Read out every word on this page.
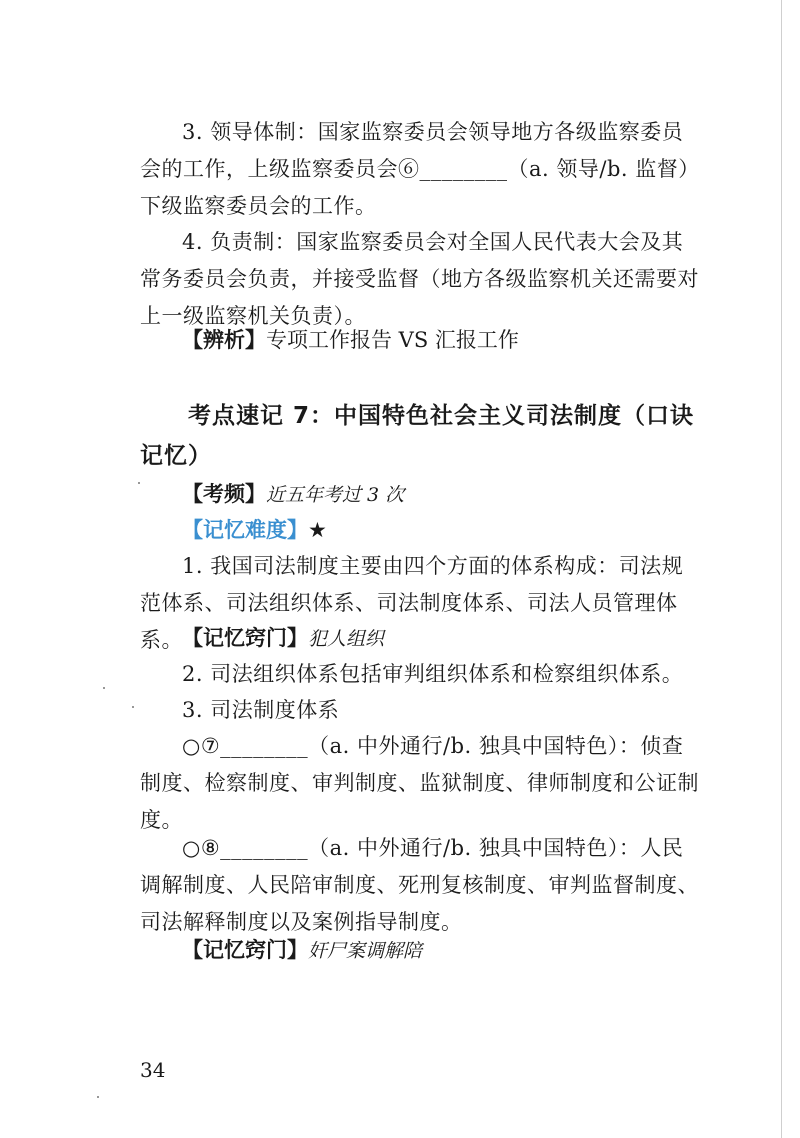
3. 领导体制：国家监察委员会领导地方各级监察委员会的工作，上级监察委员会⑥________（a. 领导/b. 监督）下级监察委员会的工作。

4. 负责制：国家监察委员会对全国人民代表大会及其常务委员会负责，并接受监督（地方各级监察机关还需要对上一级监察机关负责）。

【辨析】专项工作报告 VS 汇报工作

考点速记 7：中国特色社会主义司法制度（口诀记忆）

【考频】近五年考过 3 次
【记忆难度】★

1. 我国司法制度主要由四个方面的体系构成：司法规范体系、司法组织体系、司法制度体系、司法人员管理体系。 【记忆窍门】犯人组织

2. 司法组织体系包括审判组织体系和检察组织体系。

3. 司法制度体系

○⑦________（a. 中外通行/b. 独具中国特色）：侦查制度、检察制度、审判制度、监狱制度、律师制度和公证制度。

○⑧________（a. 中外通行/b. 独具中国特色）：人民调解制度、人民陪审制度、死刑复核制度、审判监督制度、司法解释制度以及案例指导制度。

【记忆窍门】奸尸案调解陪
34
